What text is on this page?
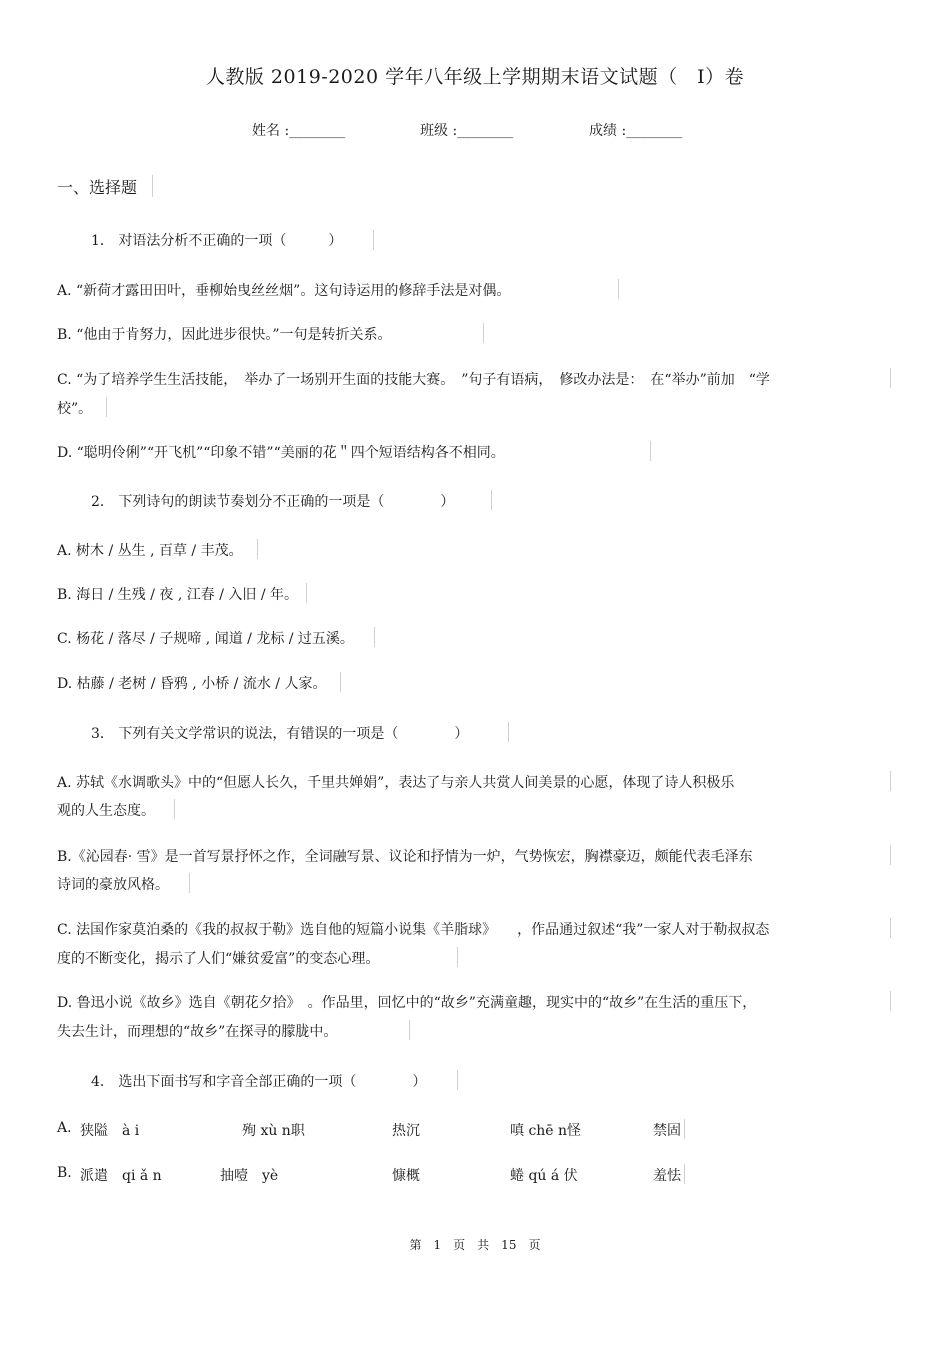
人教版 2019-2020 学年八年级上学期期末语文试题（　I）卷
姓名 :________	班级 :________	成绩 :________
一、选择题
1． 对语法分析不正确的一项（　　　）
A. “新荷才露田田叶，垂柳始曳丝丝烟”。这句诗运用的修辞手法是对偶。
B. “他由于肯努力，因此进步很快。”一句是转折关系。
C. “为了培养学生生活技能，　举办了一场别开生面的技能大赛。　”句子有语病，　修改办法是：　在“举办”前加　“学
校”。
D. “聪明伶俐”“开飞机”“印象不错”“美丽的花＂四个短语结构各不相同。
2． 下列诗句的朗读节奏划分不正确的一项是（　　　　）
A. 树木 / 丛生 , 百草 / 丰茂。
B. 海日 / 生残 / 夜 , 江春 / 入旧 / 年。
C. 杨花 / 落尽 / 子规啼 , 闻道 / 龙标 / 过五溪。
D. 枯藤 / 老树 / 昏鸦 , 小桥 / 流水 / 人家。
3． 下列有关文学常识的说法，有错误的一项是（　　　　）
A. 苏轼《水调歌头》中的“但愿人长久，千里共婵娟”，表达了与亲人共赏人间美景的心愿，体现了诗人积极乐
观的人生态度。
B.《沁园春· 雪》是一首写景抒怀之作，全词融写景、议论和抒情为一炉，气势恢宏，胸襟豪迈，颇能代表毛泽东
诗词的豪放风格。
C. 法国作家莫泊桑的《我的叔叔于勒》选自他的短篇小说集《羊脂球》　　，作品通过叙述“我”一家人对于勒叔叔态
度的不断变化，揭示了人们“嫌贫爱富”的变态心理。
D. 鲁迅小说《故乡》选自《朝花夕拾》　。作品里，回忆中的“故乡”充满童趣，现实中的“故乡”在生活的重压下，
失去生计，而理想的“故乡”在探寻的朦胧中。
4． 选出下面书写和字音全部正确的一项（　　　　）
A. 狭隘　à i	殉 xù n职	热沉	嗔 chē n怪	禁固
B. 派遣　qi ǎ n	抽噎　yè	慷概	蜷 qú á 伏	羞怯
第　1　页　共　15　页
